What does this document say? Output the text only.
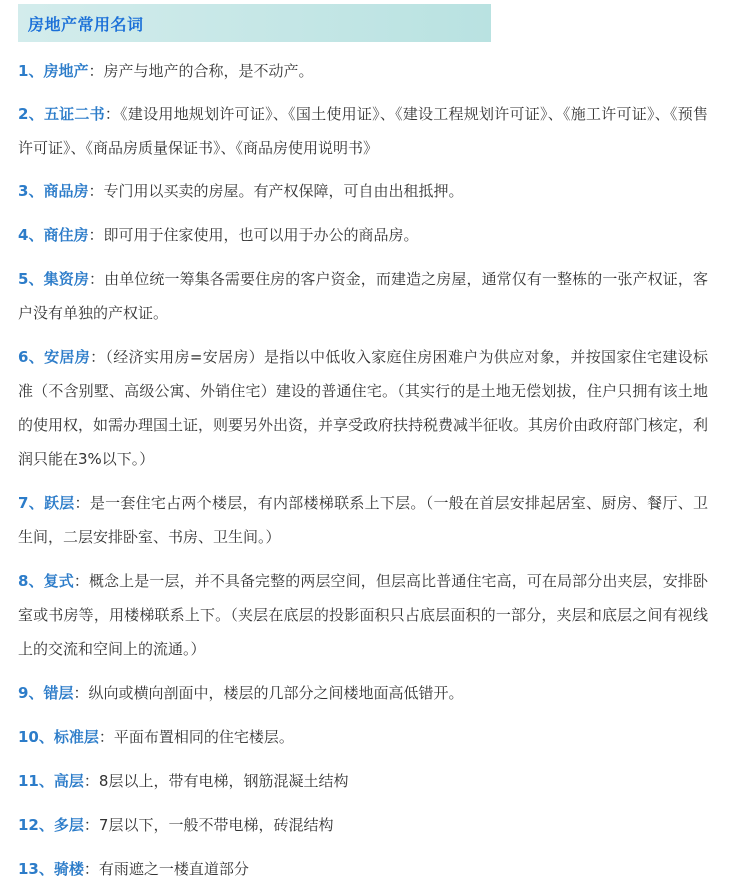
房地产常用名词
1、房地产：房产与地产的合称，是不动产。
2、五证二书：《建设用地规划许可证》、《国土使用证》、《建设工程规划许可证》、《施工许可证》、《预售许可证》、《商品房质量保证书》、《商品房使用说明书》
3、商品房：专门用以买卖的房屋。有产权保障，可自由出租抵押。
4、商住房：即可用于住家使用，也可以用于办公的商品房。
5、集资房：由单位统一筹集各需要住房的客户资金，而建造之房屋，通常仅有一整栋的一张产权证，客户没有单独的产权证。
6、安居房：（经济实用房=安居房）是指以中低收入家庭住房困难户为供应对象，并按国家住宅建设标准（不含别墅、高级公寓、外销住宅）建设的普通住宅。（其实行的是土地无偿划拔，住户只拥有该土地的使用权，如需办理国土证，则要另外出资，并享受政府扶持税费减半征收。其房价由政府部门核定，利润只能在3%以下。）
7、跃层：是一套住宅占两个楼层，有内部楼梯联系上下层。（一般在首层安排起居室、厨房、餐厅、卫生间，二层安排卧室、书房、卫生间。）
8、复式：概念上是一层，并不具备完整的两层空间，但层高比普通住宅高，可在局部分出夹层，安排卧室或书房等，用楼梯联系上下。（夹层在底层的投影面积只占底层面积的一部分，夹层和底层之间有视线上的交流和空间上的流通。）
9、错层：纵向或横向剖面中，楼层的几部分之间楼地面高低错开。
10、标准层：平面布置相同的住宅楼层。
11、高层：8层以上，带有电梯，钢筋混凝土结构
12、多层：7层以下，一般不带电梯，砖混结构
13、骑楼：有雨遮之一楼直道部分
